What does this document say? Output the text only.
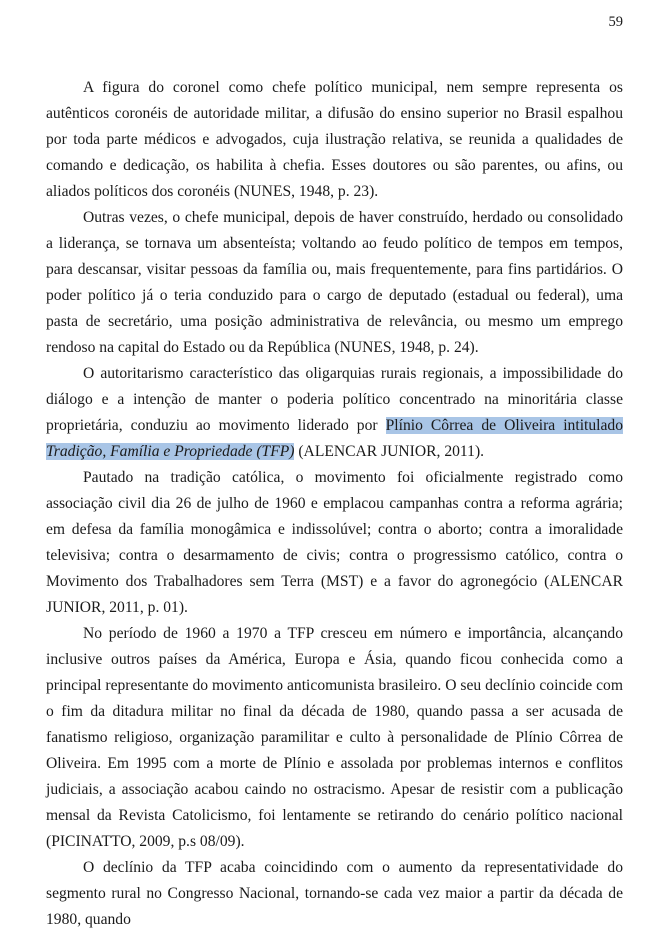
59

A figura do coronel como chefe político municipal, nem sempre representa os autênticos coronéis de autoridade militar, a difusão do ensino superior no Brasil espalhou por toda parte médicos e advogados, cuja ilustração relativa, se reunida a qualidades de comando e dedicação, os habilita à chefia. Esses doutores ou são parentes, ou afins, ou aliados políticos dos coronéis (NUNES, 1948, p. 23).

Outras vezes, o chefe municipal, depois de haver construído, herdado ou consolidado a liderança, se tornava um absenteísta; voltando ao feudo político de tempos em tempos, para descansar, visitar pessoas da família ou, mais frequentemente, para fins partidários. O poder político já o teria conduzido para o cargo de deputado (estadual ou federal), uma pasta de secretário, uma posição administrativa de relevância, ou mesmo um emprego rendoso na capital do Estado ou da República (NUNES, 1948, p. 24).

O autoritarismo característico das oligarquias rurais regionais, a impossibilidade do diálogo e a intenção de manter o poderia político concentrado na minoritária classe proprietária, conduziu ao movimento liderado por Plínio Côrrea de Oliveira intitulado Tradição, Família e Propriedade (TFP) (ALENCAR JUNIOR, 2011).

Pautado na tradição católica, o movimento foi oficialmente registrado como associação civil dia 26 de julho de 1960 e emplacou campanhas contra a reforma agrária; em defesa da família monogâmica e indissolúvel; contra o aborto; contra a imoralidade televisiva; contra o desarmamento de civis; contra o progressismo católico, contra o Movimento dos Trabalhadores sem Terra (MST) e a favor do agronegócio (ALENCAR JUNIOR, 2011, p. 01).

No período de 1960 a 1970 a TFP cresceu em número e importância, alcançando inclusive outros países da América, Europa e Ásia, quando ficou conhecida como a principal representante do movimento anticomunista brasileiro. O seu declínio coincide com o fim da ditadura militar no final da década de 1980, quando passa a ser acusada de fanatismo religioso, organização paramilitar e culto à personalidade de Plínio Côrrea de Oliveira. Em 1995 com a morte de Plínio e assolada por problemas internos e conflitos judiciais, a associação acabou caindo no ostracismo. Apesar de resistir com a publicação mensal da Revista Catolicismo, foi lentamente se retirando do cenário político nacional (PICINATTO, 2009, p.s 08/09).

O declínio da TFP acaba coincidindo com o aumento da representatividade do segmento rural no Congresso Nacional, tornando-se cada vez maior a partir da década de 1980, quando
